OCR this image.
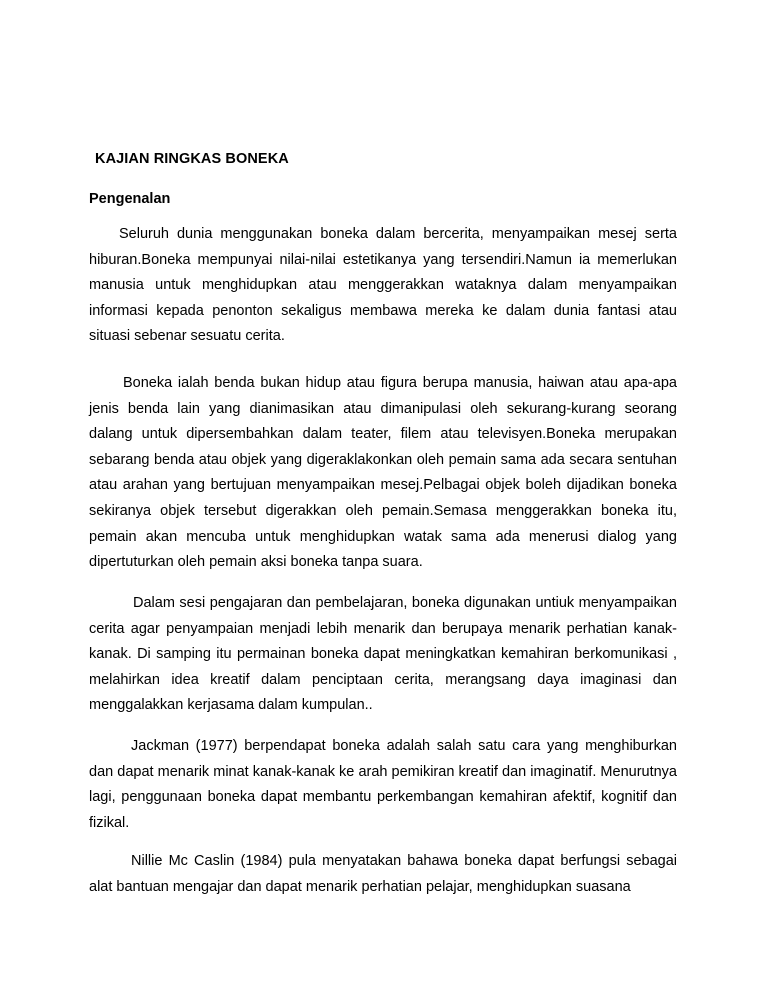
KAJIAN RINGKAS BONEKA
Pengenalan

Seluruh dunia menggunakan boneka dalam bercerita, menyampaikan mesej serta hiburan.Boneka mempunyai nilai-nilai estetikanya yang tersendiri.Namun ia memerlukan manusia untuk menghidupkan atau menggerakkan wataknya dalam menyampaikan informasi kepada penonton sekaligus membawa mereka ke dalam dunia fantasi atau situasi sebenar sesuatu cerita.

Boneka ialah benda bukan hidup atau figura berupa manusia, haiwan atau apa-apa jenis benda lain yang dianimasikan atau dimanipulasi oleh sekurang-kurang seorang dalang untuk dipersembahkan dalam teater, filem atau televisyen.Boneka merupakan sebarang benda atau objek yang digeraklakonkan oleh pemain sama ada secara sentuhan atau arahan yang bertujuan menyampaikan mesej.Pelbagai objek boleh dijadikan boneka sekiranya objek tersebut digerakkan oleh pemain.Semasa menggerakkan boneka itu, pemain akan mencuba untuk menghidupkan watak sama ada menerusi dialog yang dipertuturkan oleh pemain aksi boneka tanpa suara.

Dalam sesi pengajaran dan pembelajaran, boneka digunakan untiuk menyampaikan cerita agar penyampaian menjadi lebih menarik dan berupaya menarik perhatian kanak-kanak. Di samping itu permainan boneka dapat meningkatkan kemahiran berkomunikasi , melahirkan idea kreatif dalam penciptaan cerita, merangsang daya imaginasi dan menggalakkan kerjasama dalam kumpulan..

Jackman (1977) berpendapat boneka adalah salah satu cara yang menghiburkan dan dapat menarik minat kanak-kanak ke arah pemikiran kreatif dan imaginatif. Menurutnya lagi, penggunaan boneka dapat membantu perkembangan kemahiran afektif, kognitif dan fizikal.

Nillie Mc Caslin (1984) pula menyatakan bahawa boneka dapat berfungsi sebagai alat bantuan mengajar dan dapat menarik perhatian pelajar, menghidupkan suasana
